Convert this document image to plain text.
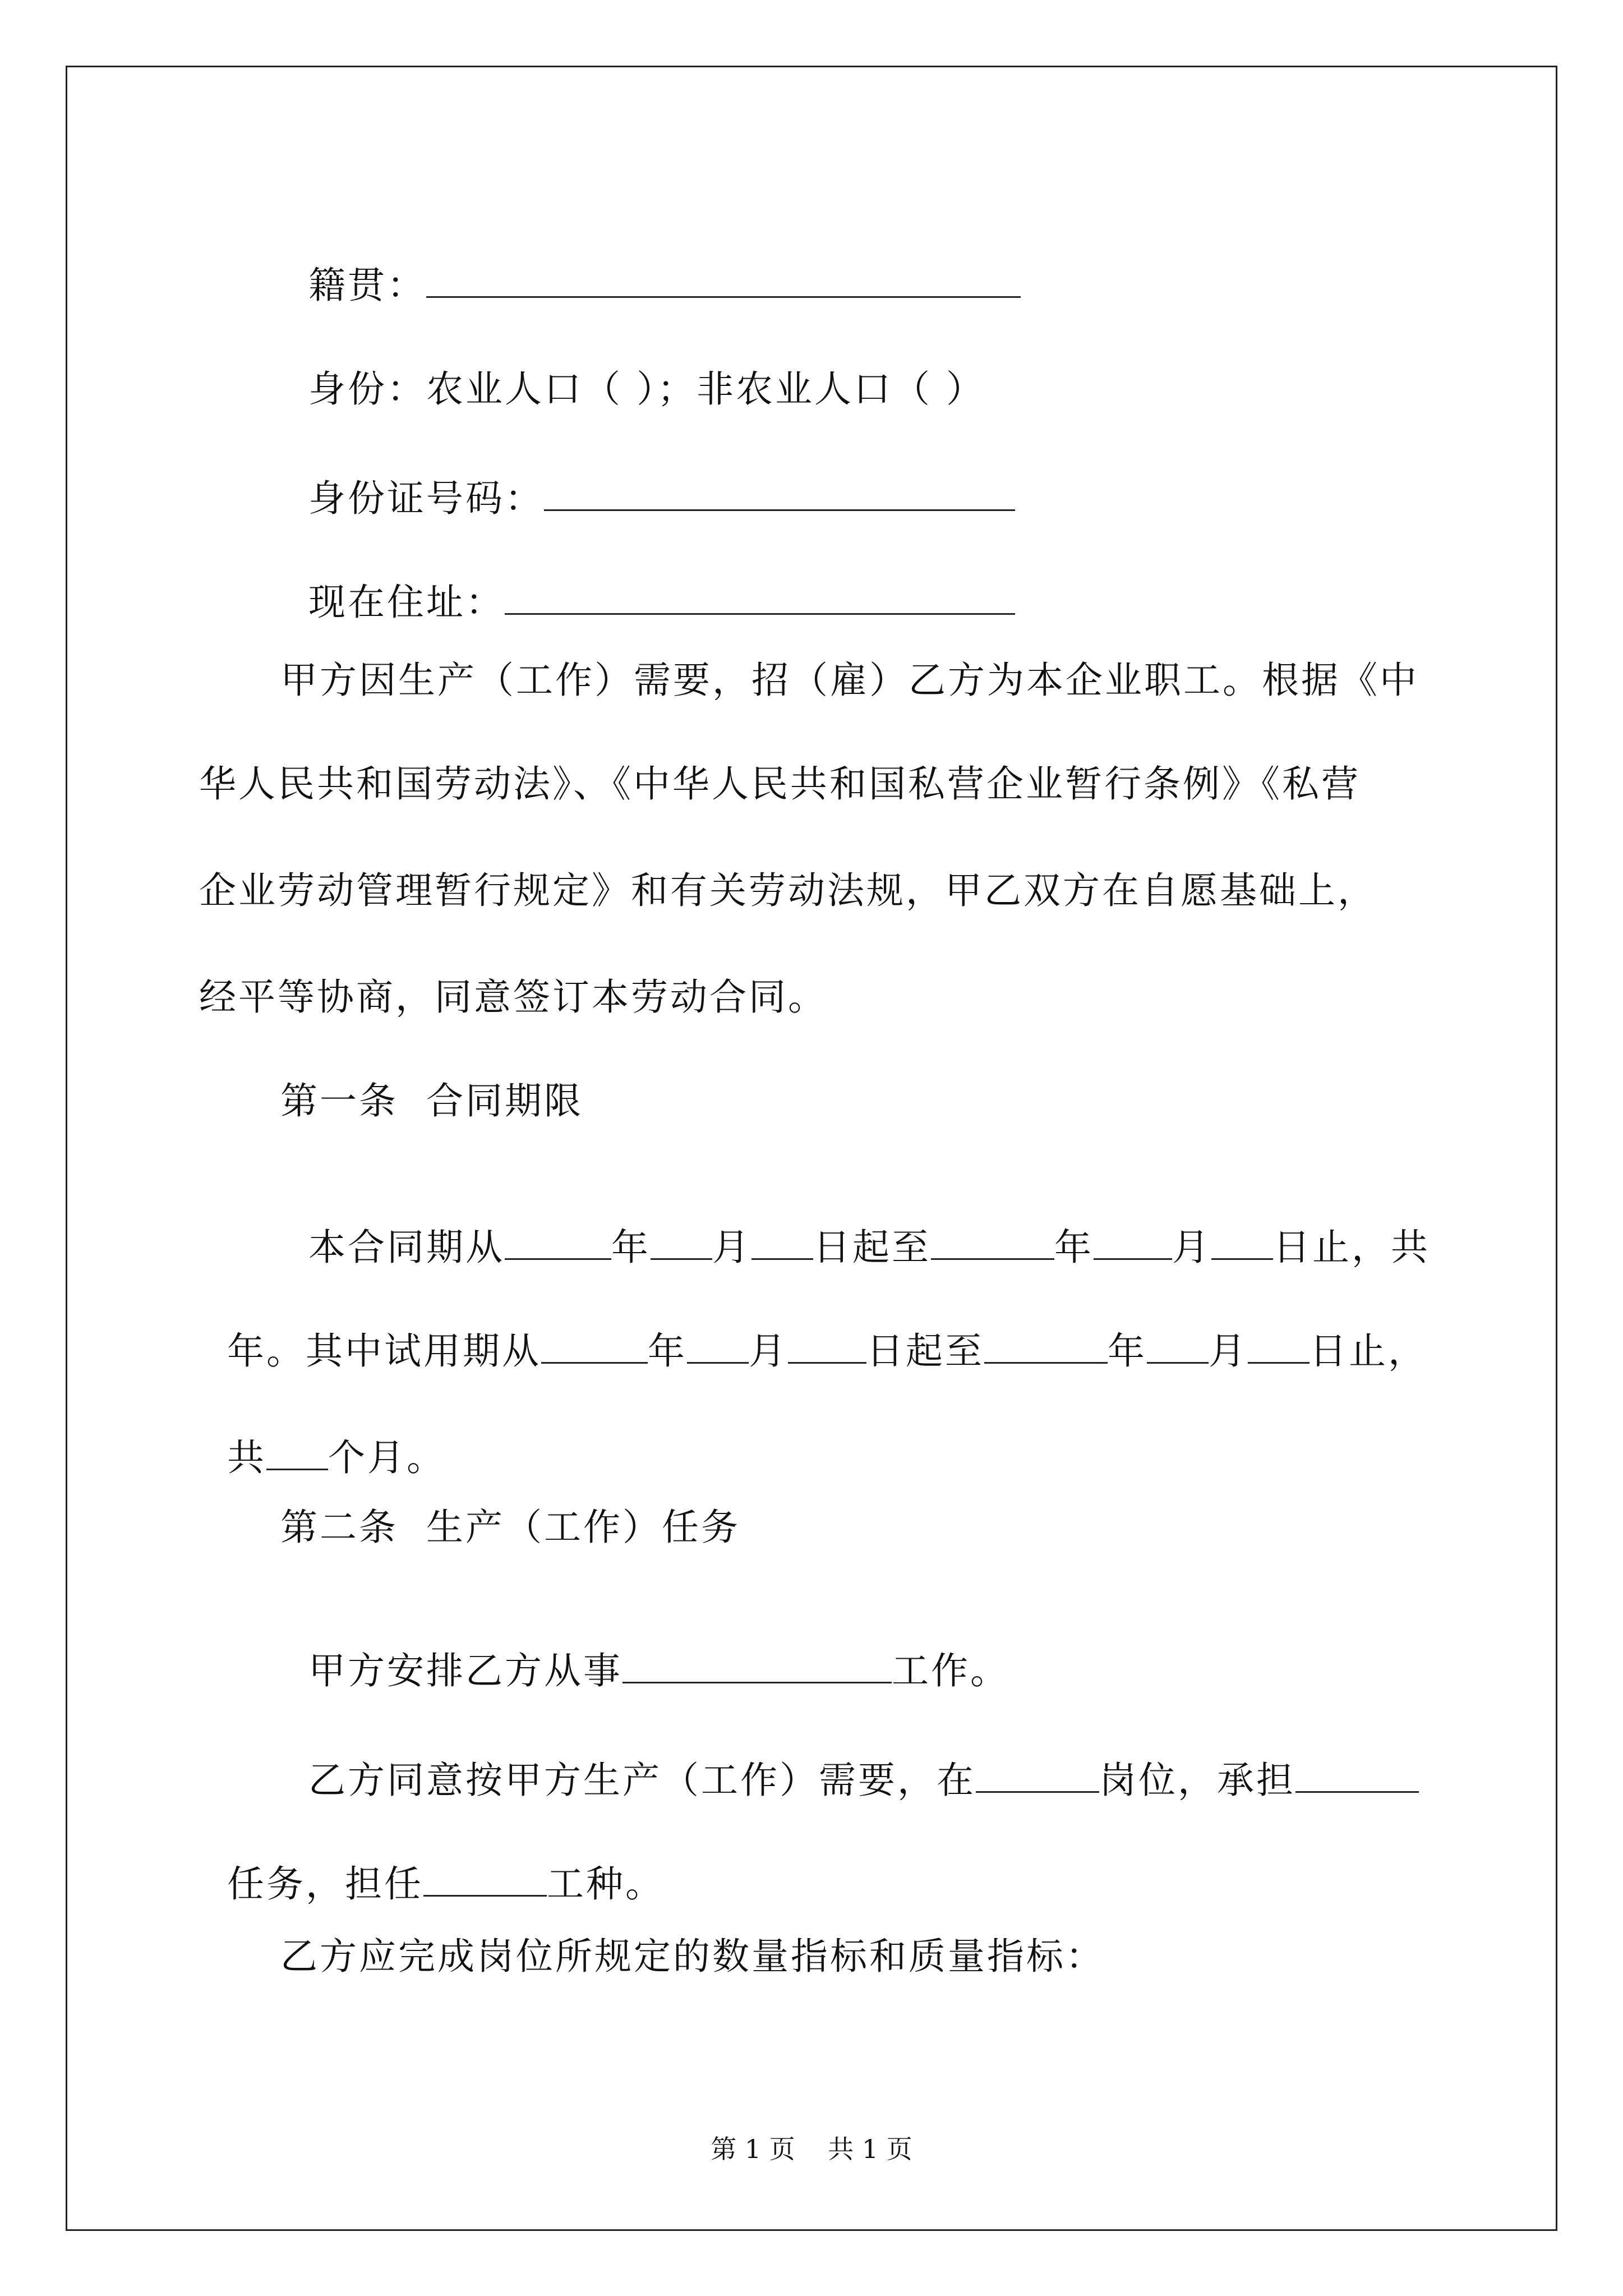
籍贯：

身份：农业人口（ ）；非农业人口（ ）

身份证号码：

现在住址：

甲方因生产（工作）需要，招（雇）乙方为本企业职工。根据《中
华人民共和国劳动法》、《中华人民共和国私营企业暂行条例》《私营
企业劳动管理暂行规定》和有关劳动法规，甲乙双方在自愿基础上，
经平等协商，同意签订本劳动合同。
第一条  合同期限

本合同期从	年 月 日起至	年 月 日止，共

年。其中试用期从	年 月 日起至	年 月 日止，

共 个月。

第二条  生产（工作）任务

甲方安排乙方从事	工作。

乙方同意按甲方生产（工作）需要，在	岗位，承担

任务，担任	工种。

乙方应完成岗位所规定的数量指标和质量指标：
第 1 页    共 1 页
